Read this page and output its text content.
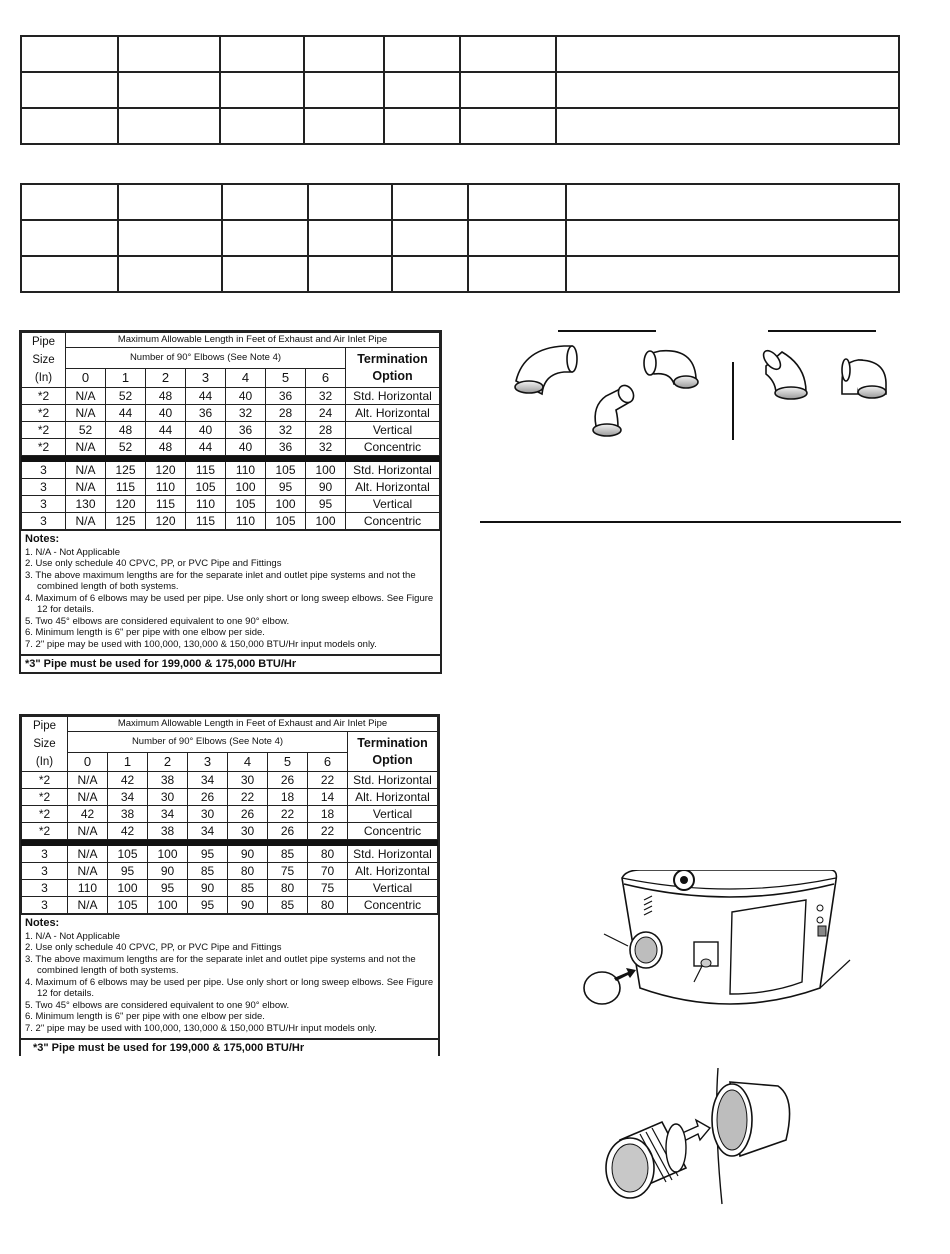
Pipe
Size
(In)	Maximum Allowable Length in Feet of Exhaust and Air Inlet Pipe							
	Number of 90° Elbows (See Note 4)							Termination
Option
	0	1	2	3	4	5	6	
*2	N/A	52	48	44	40	36	32	Std. Horizontal
*2	N/A	44	40	36	32	28	24	Alt. Horizontal
*2	52	48	44	40	36	32	28	Vertical
*2	N/A	52	48	44	40	36	32	Concentric

3	N/A	125	120	115	110	105	100	Std. Horizontal
3	N/A	115	110	105	100	95	90	Alt. Horizontal
3	130	120	115	110	105	100	95	Vertical
3	N/A	125	120	115	110	105	100	Concentric
Notes:
1. N/A - Not Applicable
2. Use only schedule 40 CPVC, PP, or PVC Pipe and Fittings
3. The above maximum lengths are for the separate inlet and outlet pipe systems and not the combined length of both systems.
4. Maximum of 6 elbows may be used per pipe. Use only short or long sweep elbows. See Figure 12 for details.
5. Two 45° elbows are considered equivalent to one 90° elbow.
6. Minimum length is 6" per pipe with one elbow per side.
7. 2" pipe may be used with 100,000, 130,000 & 150,000 BTU/Hr input models only.
*3" Pipe must be used for 199,000 & 175,000 BTU/Hr
Pipe
Size
(In)	Maximum Allowable Length in Feet of Exhaust and Air Inlet Pipe							
	Number of 90° Elbows (See Note 4)							Termination
Option
	0	1	2	3	4	5	6	
*2	N/A	42	38	34	30	26	22	Std. Horizontal
*2	N/A	34	30	26	22	18	14	Alt. Horizontal
*2	42	38	34	30	26	22	18	Vertical
*2	N/A	42	38	34	30	26	22	Concentric

3	N/A	105	100	95	90	85	80	Std. Horizontal
3	N/A	95	90	85	80	75	70	Alt. Horizontal
3	110	100	95	90	85	80	75	Vertical
3	N/A	105	100	95	90	85	80	Concentric
Notes:
1. N/A - Not Applicable
2. Use only schedule 40 CPVC, PP, or PVC Pipe and Fittings
3. The above maximum lengths are for the separate inlet and outlet pipe systems and not the combined length of both systems.
4. Maximum of 6 elbows may be used per pipe. Use only short or long sweep elbows. See Figure 12 for details.
5. Two 45° elbows are considered equivalent to one 90° elbow.
6. Minimum length is 6" per pipe with one elbow per side.
7. 2" pipe may be used with 100,000, 130,000 & 150,000 BTU/Hr input models only.
*3" Pipe must be used for 199,000 & 175,000 BTU/Hr
